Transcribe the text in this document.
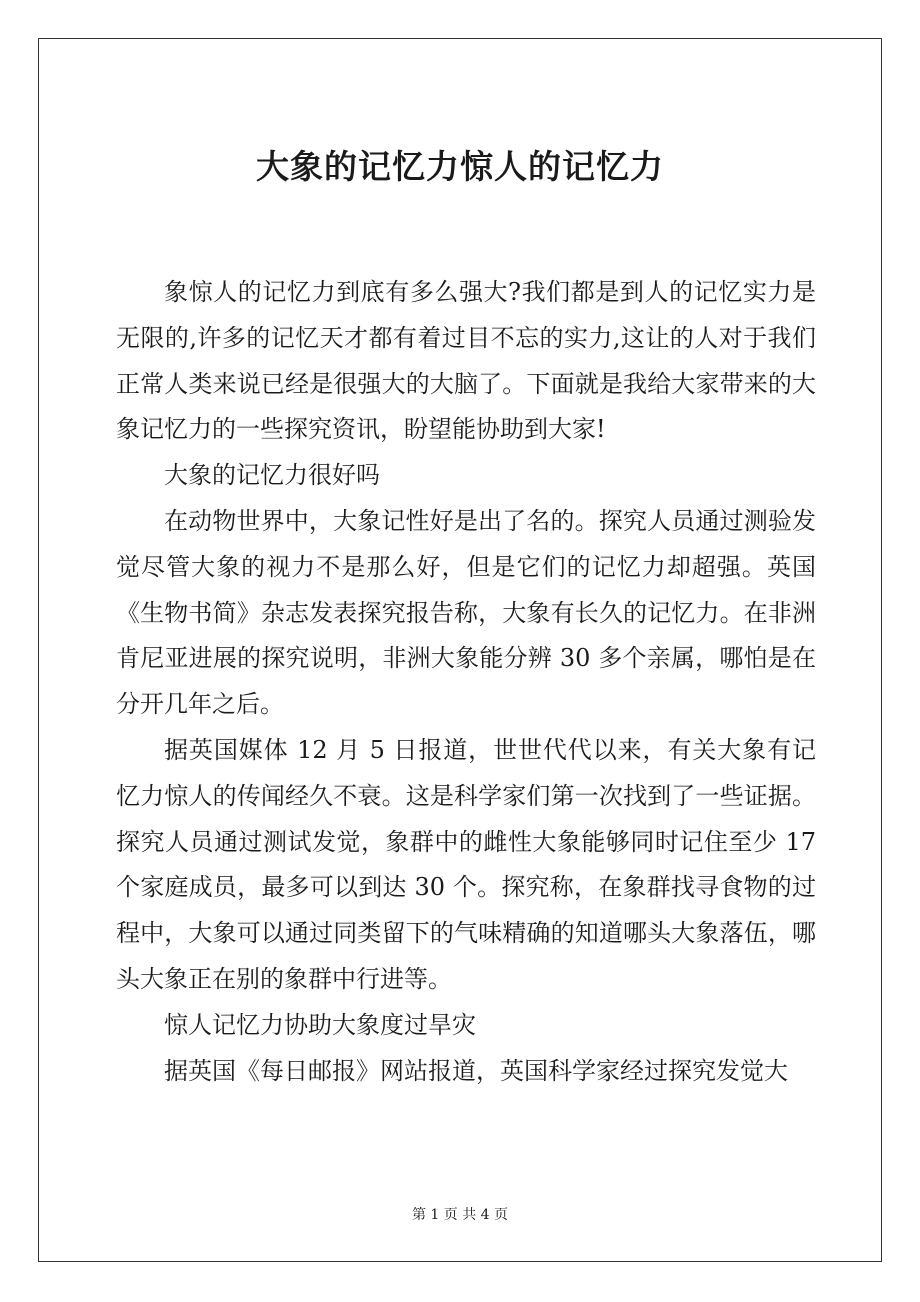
大象的记忆力惊人的记忆力

象惊人的记忆力到底有多么强大?我们都是到人的记忆实力是无限的,许多的记忆天才都有着过目不忘的实力,这让的人对于我们正常人类来说已经是很强大的大脑了。下面就是我给大家带来的大象记忆力的一些探究资讯，盼望能协助到大家!

大象的记忆力很好吗

在动物世界中，大象记性好是出了名的。探究人员通过测验发觉尽管大象的视力不是那么好，但是它们的记忆力却超强。英国《生物书简》杂志发表探究报告称，大象有长久的记忆力。在非洲肯尼亚进展的探究说明，非洲大象能分辨 30 多个亲属，哪怕是在分开几年之后。

据英国媒体 12 月 5 日报道，世世代代以来，有关大象有记忆力惊人的传闻经久不衰。这是科学家们第一次找到了一些证据。探究人员通过测试发觉，象群中的雌性大象能够同时记住至少 17 个家庭成员，最多可以到达 30 个。探究称，在象群找寻食物的过程中，大象可以通过同类留下的气味精确的知道哪头大象落伍，哪头大象正在别的象群中行进等。

惊人记忆力协助大象度过旱灾

据英国《每日邮报》网站报道，英国科学家经过探究发觉大

第 1 页 共 4 页
